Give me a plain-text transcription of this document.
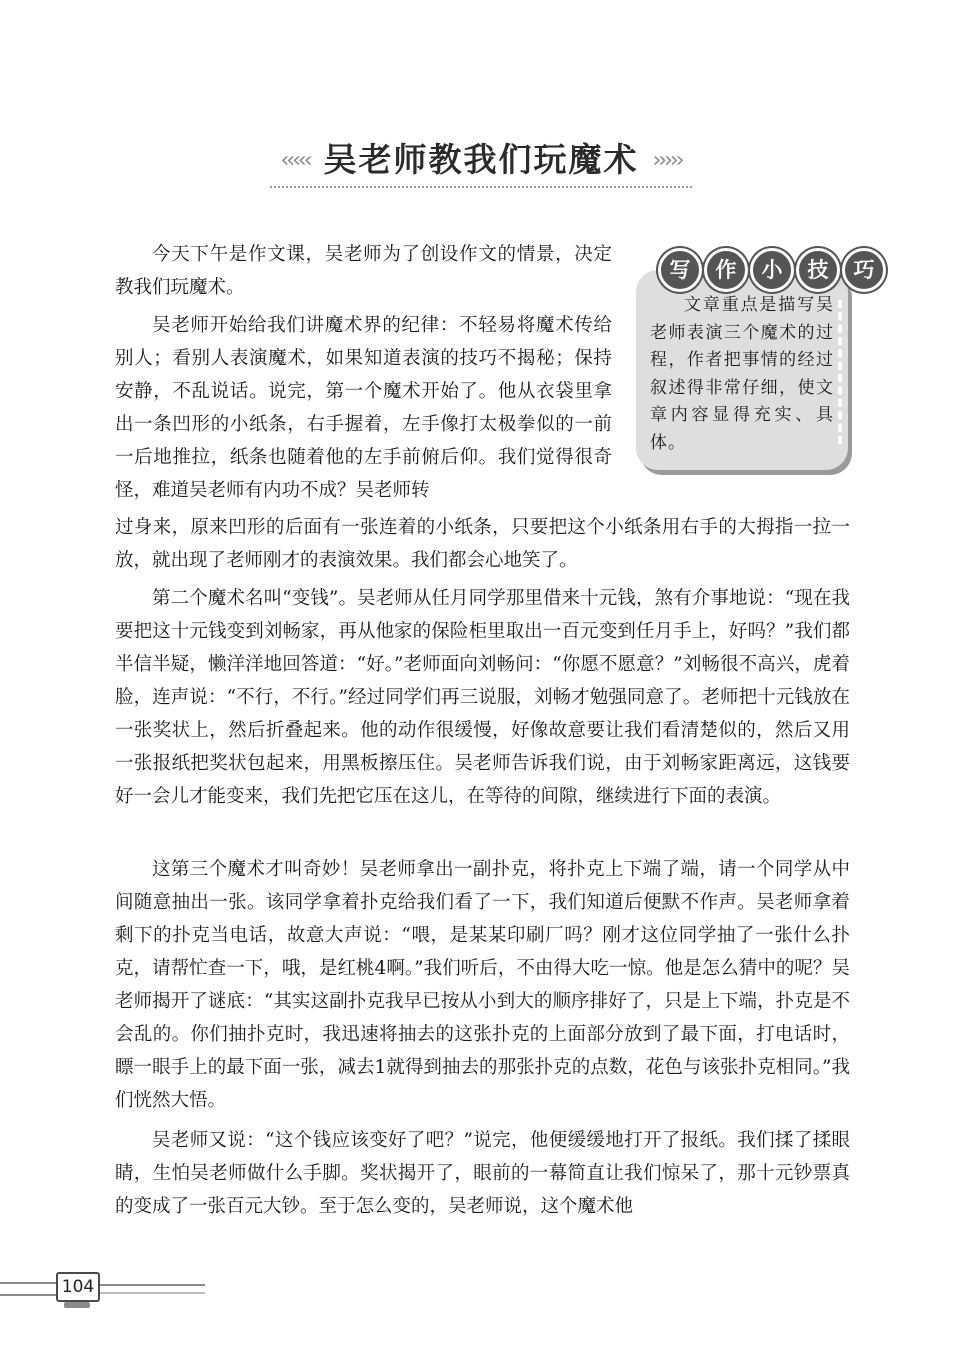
‹‹‹‹‹ 吴老师教我们玩魔术 ›››››

今天下午是作文课，吴老师为了创设作文的情景，决定教我们玩魔术。

吴老师开始给我们讲魔术界的纪律：不轻易将魔术传给别人；看别人表演魔术，如果知道表演的技巧不揭秘；保持安静，不乱说话。说完，第一个魔术开始了。他从衣袋里拿出一条凹形的小纸条，右手握着，左手像打太极拳似的一前一后地推拉，纸条也随着他的左手前俯后仰。我们觉得很奇怪，难道吴老师有内功不成？吴老师转

过身来，原来凹形的后面有一张连着的小纸条，只要把这个小纸条用右手的大拇指一拉一放，就出现了老师刚才的表演效果。我们都会心地笑了。

第二个魔术名叫“变钱”。吴老师从任月同学那里借来十元钱，煞有介事地说：“现在我要把这十元钱变到刘畅家，再从他家的保险柜里取出一百元变到任月手上，好吗？”我们都半信半疑，懒洋洋地回答道：“好。”老师面向刘畅问：“你愿不愿意？”刘畅很不高兴，虎着脸，连声说：“不行，不行。”经过同学们再三说服，刘畅才勉强同意了。老师把十元钱放在一张奖状上，然后折叠起来。他的动作很缓慢，好像故意要让我们看清楚似的，然后又用一张报纸把奖状包起来，用黑板擦压住。吴老师告诉我们说，由于刘畅家距离远，这钱要好一会儿才能变来，我们先把它压在这儿，在等待的间隙，继续进行下面的表演。

这第三个魔术才叫奇妙！吴老师拿出一副扑克，将扑克上下端了端，请一个同学从中间随意抽出一张。该同学拿着扑克给我们看了一下，我们知道后便默不作声。吴老师拿着剩下的扑克当电话，故意大声说：“喂，是某某印刷厂吗？刚才这位同学抽了一张什么扑克，请帮忙查一下，哦，是红桃4啊。”我们听后，不由得大吃一惊。他是怎么猜中的呢？吴老师揭开了谜底：“其实这副扑克我早已按从小到大的顺序排好了，只是上下端，扑克是不会乱的。你们抽扑克时，我迅速将抽去的这张扑克的上面部分放到了最下面，打电话时，瞟一眼手上的最下面一张，减去1就得到抽去的那张扑克的点数，花色与该张扑克相同。”我们恍然大悟。

吴老师又说：“这个钱应该变好了吧？”说完，他便缓缓地打开了报纸。我们揉了揉眼睛，生怕吴老师做什么手脚。奖状揭开了，眼前的一幕简直让我们惊呆了，那十元钞票真的变成了一张百元大钞。至于怎么变的，吴老师说，这个魔术他

写	作	小	技	巧

文章重点是描写吴老师表演三个魔术的过程，作者把事情的经过叙述得非常仔细，使文章内容显得充实、具体。

104
